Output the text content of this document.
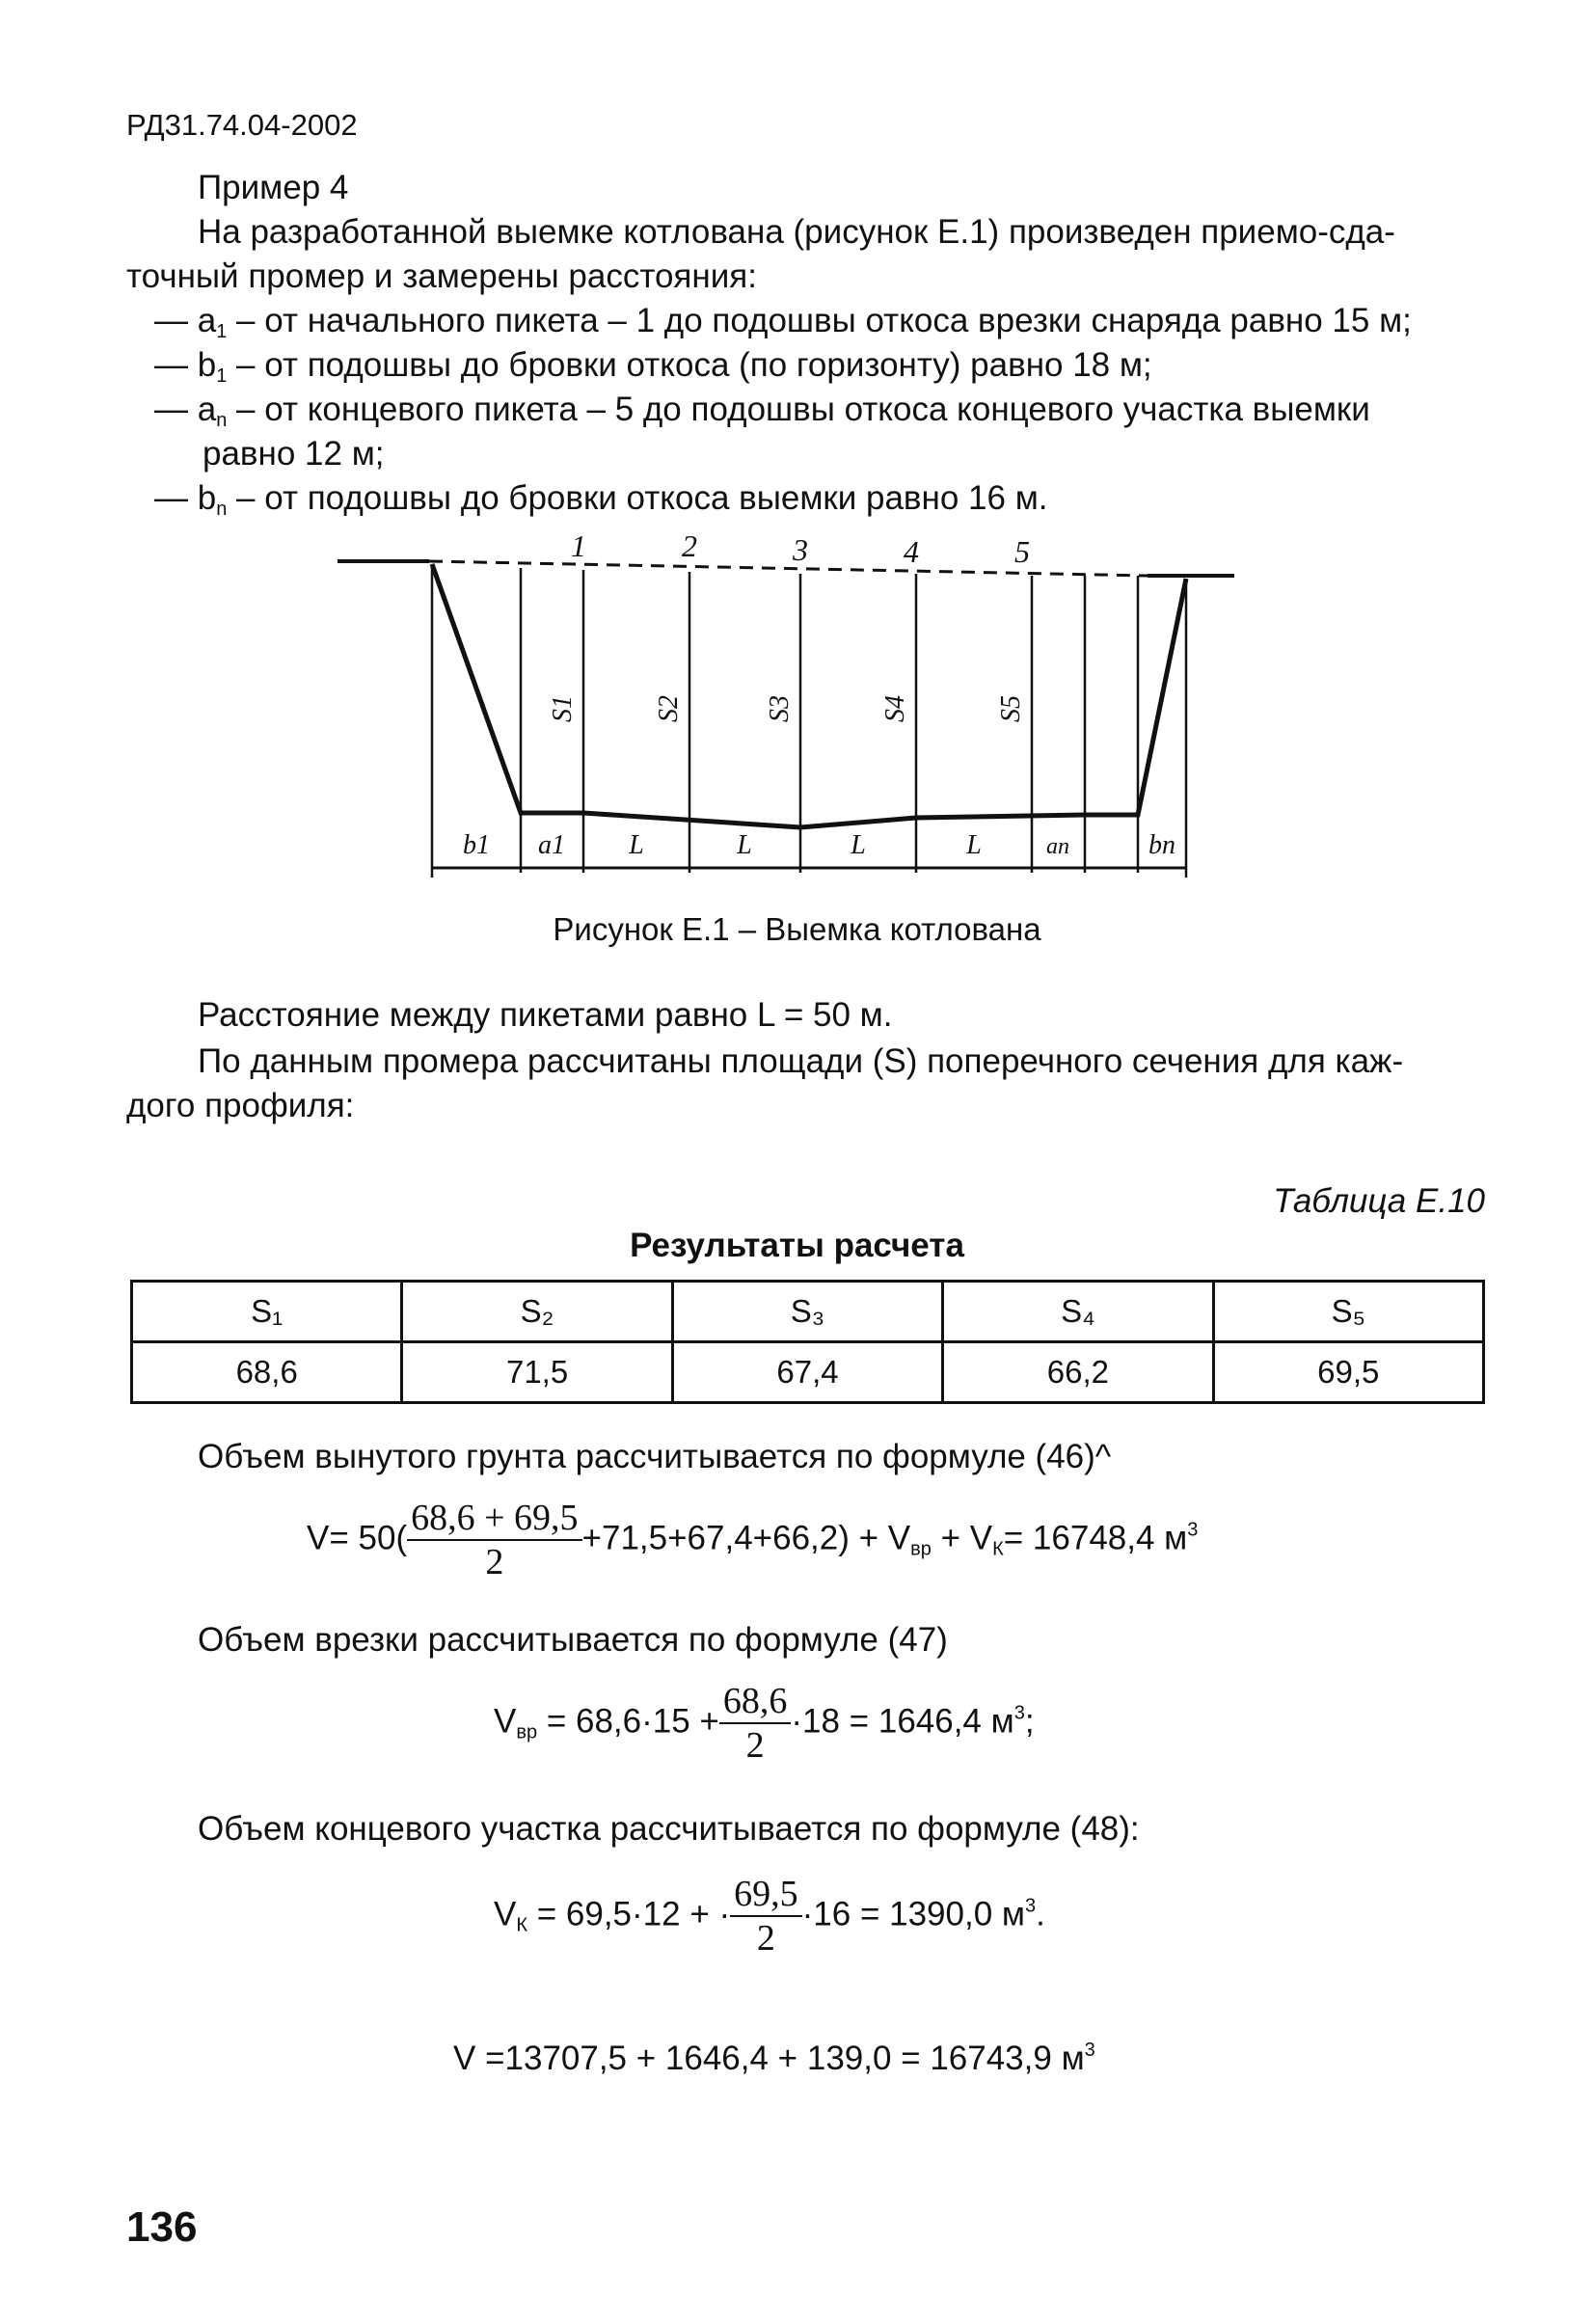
РД31.74.04-2002
Пример 4
На разработанной выемке котлована (рисунок Е.1) произведен приемо-сда-
точный промер и замерены расстояния:
— $a_1$ – от начального пикета – 1 до подошвы откоса врезки снаряда равно 15 м;
— $b_1$ – от подошвы до бровки откоса (по горизонту) равно 18 м;
— $a_n$ – от концевого пикета – 5 до подошвы откоса концевого участка выемки
равно 12 м;
— $b_n$ – от подошвы до бровки откоса выемки равно 16 м.
1	2	3	4	5
S1	S2	S3	S4	S5
b1 a1 L	L	L	L	an	bn
Рисунок Е.1 – Выемка котлована
Расстояние между пикетами равно L = 50 м.
По данным промера рассчитаны площади (S) поперечного сечения для каж-
дого профиля:
Таблица Е.10
Результаты расчета
S₁	S₂	S₃	S₄	S₅
68,6	71,5	67,4	66,2	69,5
Объем вынутого грунта рассчитывается по формуле (46)^
$V= 50( \frac{68,6 + 69,5}{2} +71,5+67,4+66,2) + V_{вр} + V_К= 16748,4$ $м^3$
Объем врезки рассчитывается по формуле (47)
$V_{вр} = 68,6\cdot 15 + \frac{68,6}{2} \cdot 18 = 1646,4$ $м^3$;
Объем концевого участка рассчитывается по формуле (48):
$V_К = 69,5\cdot 12$ + · $\frac{69,5}{2} \cdot 16 = 1390,0$ $м^3$.
V =13707,5 + 1646,4 + 139,0 = 16743,9 $м^3$
136
